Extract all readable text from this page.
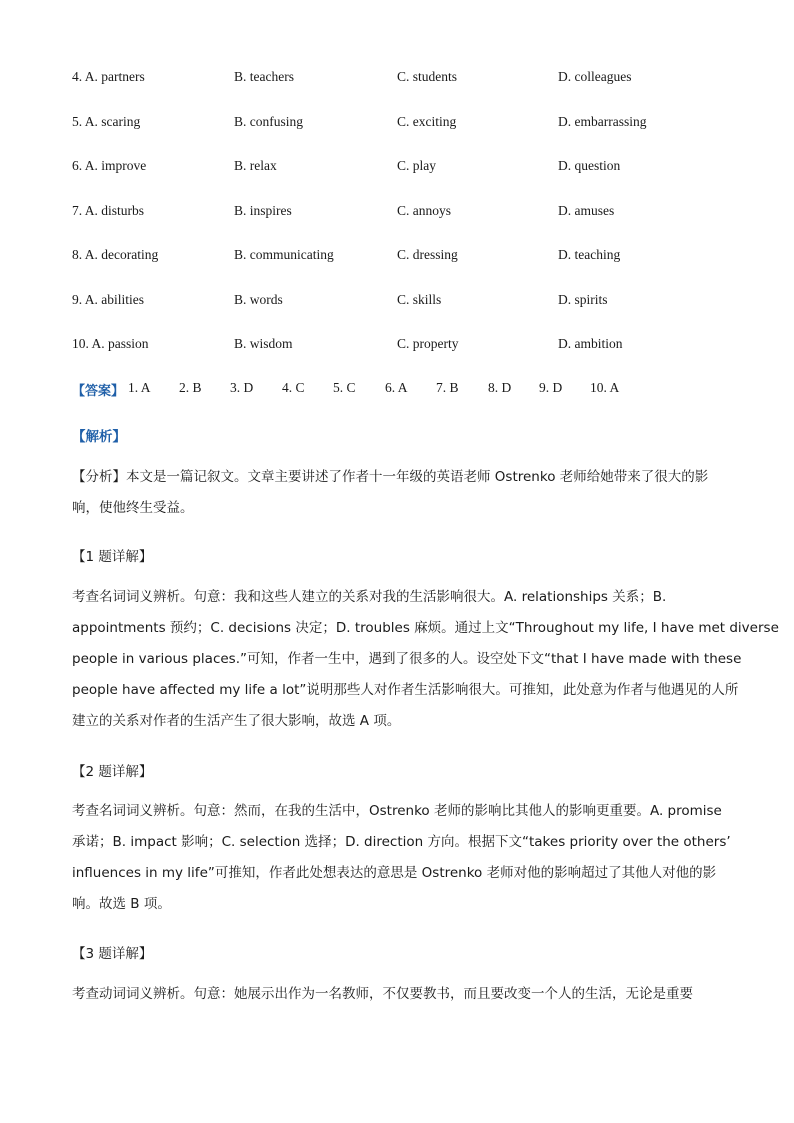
4. A. partners	B. teachers	C. students	D. colleagues
5. A. scaring	B. confusing	C. exciting	D. embarrassing
6. A. improve	B. relax	C. play	D. question
7. A. disturbs	B. inspires	C. annoys	D. amuses
8. A. decorating	B. communicating	C. dressing	D. teaching
9. A. abilities	B. words	C. skills	D. spirits
10. A. passion	B. wisdom	C. property	D. ambition
【答案】 1. A 2. B 3. D 4. C 5. C 6. A 7. B 8. D 9. D 10. A
【解析】
【分析】本文是一篇记叙文。文章主要讲述了作者十一年级的英语老师 Ostrenko 老师给她带来了很大的影
响，使他终生受益。
【1 题详解】
考查名词词义辨析。句意：我和这些人建立的关系对我的生活影响很大。A. relationships 关系；B.
appointments 预约；C. decisions 决定；D. troubles 麻烦。通过上文“Throughout my life, I have met diverse
people in various places.”可知，作者一生中，遇到了很多的人。设空处下文“that I have made with these
people have affected my life a lot”说明那些人对作者生活影响很大。可推知，此处意为作者与他遇见的人所
建立的关系对作者的生活产生了很大影响，故选 A 项。
【2 题详解】
考查名词词义辨析。句意：然而，在我的生活中，Ostrenko 老师的影响比其他人的影响更重要。A. promise
承诺；B. impact 影响；C. selection 选择；D. direction 方向。根据下文“takes priority over the others’
influences in my life”可推知，作者此处想表达的意思是 Ostrenko 老师对他的影响超过了其他人对他的影
响。故选 B 项。
【3 题详解】
考查动词词义辨析。句意：她展示出作为一名教师，不仅要教书，而且要改变一个人的生活，无论是重要
